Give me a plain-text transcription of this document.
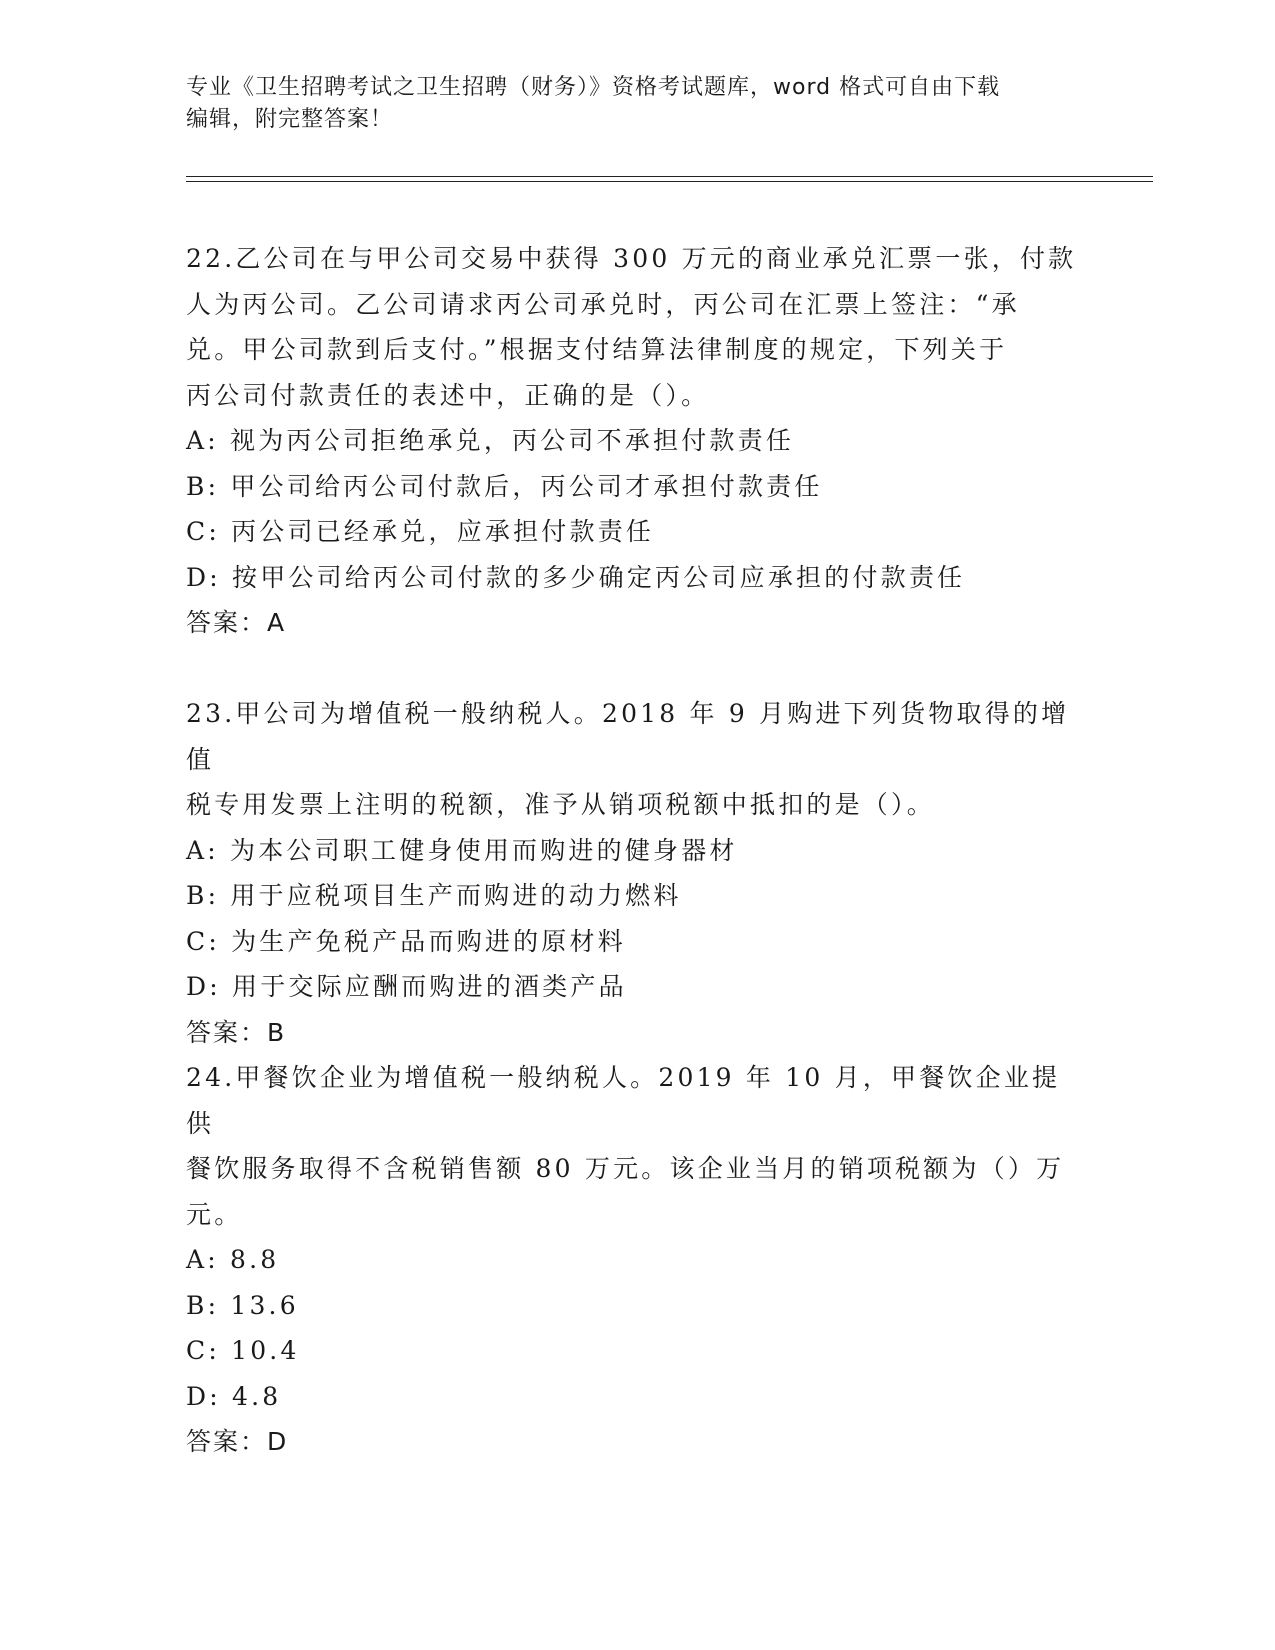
专业《卫生招聘考试之卫生招聘（财务）》资格考试题库，word 格式可自由下载
编辑，附完整答案！

22.乙公司在与甲公司交易中获得 300 万元的商业承兑汇票一张，付款

人为丙公司。乙公司请求丙公司承兑时，丙公司在汇票上签注：“承

兑。甲公司款到后支付。”根据支付结算法律制度的规定，下列关于

丙公司付款责任的表述中，正确的是（）。

A: 视为丙公司拒绝承兑，丙公司不承担付款责任

B: 甲公司给丙公司付款后，丙公司才承担付款责任

C: 丙公司已经承兑，应承担付款责任

D: 按甲公司给丙公司付款的多少确定丙公司应承担的付款责任

答案：A

23.甲公司为增值税一般纳税人。2018 年 9 月购进下列货物取得的增值

税专用发票上注明的税额，准予从销项税额中抵扣的是（）。

A: 为本公司职工健身使用而购进的健身器材

B: 用于应税项目生产而购进的动力燃料

C: 为生产免税产品而购进的原材料

D: 用于交际应酬而购进的酒类产品

答案：B

24.甲餐饮企业为增值税一般纳税人。2019 年 10 月，甲餐饮企业提供

餐饮服务取得不含税销售额 80 万元。该企业当月的销项税额为（）万

元。

A: 8.8

B: 13.6

C: 10.4

D: 4.8

答案：D
